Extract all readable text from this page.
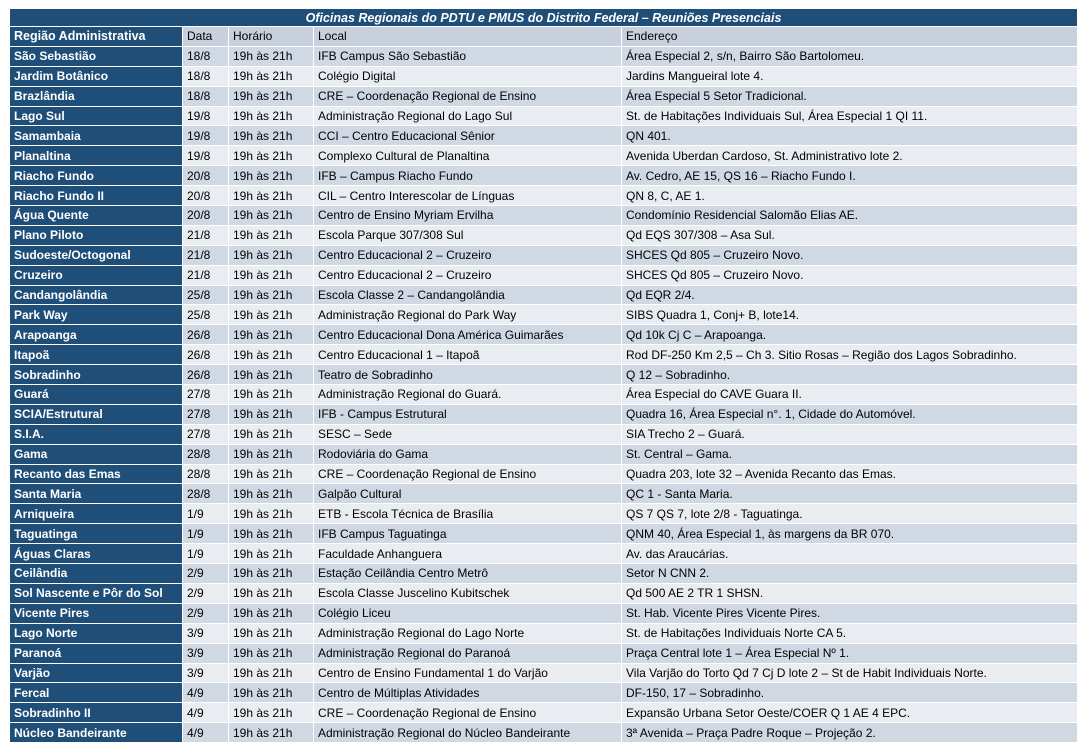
Oficinas Regionais do PDTU e PMUS do Distrito Federal – Reuniões Presenciais				
Região Administrativa	Data	Horário	Local	Endereço
São Sebastião	18/8	19h às 21h	IFB Campus São Sebastião	Área Especial 2, s/n, Bairro São Bartolomeu.
Jardim Botânico	18/8	19h às 21h	Colégio Digital	Jardins Mangueiral lote 4.
Brazlândia	18/8	19h às 21h	CRE – Coordenação Regional de Ensino	Área Especial 5 Setor Tradicional.
Lago Sul	19/8	19h às 21h	Administração Regional do Lago Sul	St. de Habitações Individuais Sul, Área Especial 1 QI 11.
Samambaia	19/8	19h às 21h	CCI – Centro Educacional Sênior	QN 401.
Planaltina	19/8	19h às 21h	Complexo Cultural de Planaltina	Avenida Uberdan Cardoso, St. Administrativo lote 2.
Riacho Fundo	20/8	19h às 21h	IFB – Campus Riacho Fundo	Av. Cedro, AE 15, QS 16 – Riacho Fundo I.
Riacho Fundo II	20/8	19h às 21h	CIL – Centro Interescolar de Línguas	QN 8, C, AE 1.
Água Quente	20/8	19h às 21h	Centro de Ensino Myriam Ervilha	Condomínio Residencial Salomão Elias AE.
Plano Piloto	21/8	19h às 21h	Escola Parque 307/308 Sul	Qd EQS 307/308 – Asa Sul.
Sudoeste/Octogonal	21/8	19h às 21h	Centro Educacional 2 – Cruzeiro	SHCES Qd 805 – Cruzeiro Novo.
Cruzeiro	21/8	19h às 21h	Centro Educacional 2 – Cruzeiro	SHCES Qd 805 – Cruzeiro Novo.
Candangolândia	25/8	19h às 21h	Escola Classe 2 – Candangolândia	Qd EQR 2/4.
Park Way	25/8	19h às 21h	Administração Regional do Park Way	SIBS Quadra 1, Conj+ B, lote14.
Arapoanga	26/8	19h às 21h	Centro Educacional Dona América Guimarães	Qd 10k Cj C – Arapoanga.
Itapoã	26/8	19h às 21h	Centro Educacional 1 – Itapoã	Rod DF-250 Km 2,5 – Ch 3. Sitio Rosas – Região dos Lagos Sobradinho.
Sobradinho	26/8	19h às 21h	Teatro de Sobradinho	Q 12 – Sobradinho.
Guará	27/8	19h às 21h	Administração Regional do Guará.	Área Especial do CAVE Guara II.
SCIA/Estrutural	27/8	19h às 21h	IFB - Campus Estrutural	Quadra 16, Área Especial n°. 1, Cidade do Automóvel.
S.I.A.	27/8	19h às 21h	SESC – Sede	SIA Trecho 2 – Guará.
Gama	28/8	19h às 21h	Rodoviária do Gama	St. Central – Gama.
Recanto das Emas	28/8	19h às 21h	CRE – Coordenação Regional de Ensino	Quadra 203, lote 32 – Avenida Recanto das Emas.
Santa Maria	28/8	19h às 21h	Galpão Cultural	QC 1 - Santa Maria.
Arniqueira	1/9	19h às 21h	ETB - Escola Técnica de Brasília	QS 7 QS 7, lote 2/8 - Taguatinga.
Taguatinga	1/9	19h às 21h	IFB Campus Taguatinga	QNM 40, Área Especial 1, às margens da BR 070.
Águas Claras	1/9	19h às 21h	Faculdade Anhanguera	Av. das Araucárias.
Ceilândia	2/9	19h às 21h	Estação Ceilândia Centro Metrô	Setor N CNN 2.
Sol Nascente e Pôr do Sol	2/9	19h às 21h	Escola Classe Juscelino Kubitschek	Qd 500 AE 2 TR 1 SHSN.
Vicente Pires	2/9	19h às 21h	Colégio Liceu	St. Hab. Vicente Pires Vicente Pires.
Lago Norte	3/9	19h às 21h	Administração Regional do Lago Norte	St. de Habitações Individuais Norte CA 5.
Paranoá	3/9	19h às 21h	Administração Regional do Paranoá	Praça Central lote 1 – Área Especial Nº 1.
Varjão	3/9	19h às 21h	Centro de Ensino Fundamental 1 do Varjão	Vila Varjão do Torto Qd 7 Cj D lote 2 – St de Habit Individuais Norte.
Fercal	4/9	19h às 21h	Centro de Múltiplas Atividades	DF-150, 17 – Sobradinho.
Sobradinho II	4/9	19h às 21h	CRE – Coordenação Regional de Ensino	Expansão Urbana Setor Oeste/COER Q 1 AE 4 EPC.
Núcleo Bandeirante	4/9	19h às 21h	Administração Regional do Núcleo Bandeirante	3ª Avenida – Praça Padre Roque – Projeção 2.
